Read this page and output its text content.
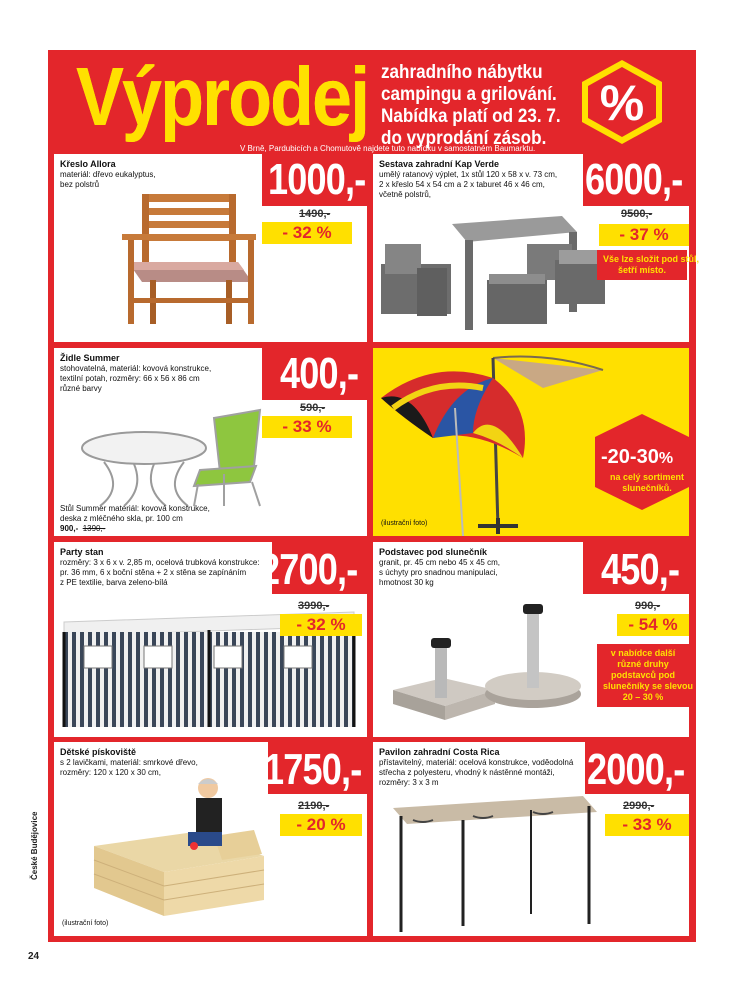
Výprodej zahradního nábytku
campingu a grilování.
Nabídka platí od 23. 7.
do vyprodání zásob.
%
V Brně, Pardubicích a Chomutově najdete tuto nabídku v samostatném Baumarktu.
Křeslo Allora
materiál: dřevo eukalyptus,
bez polstrů	1000,-
1490,-
- 32 %
Sestava zahradní Kap Verde
umělý ratanový výplet, 1x stůl 120 x 58 x v. 73 cm,
2 x křeslo 54 x 54 cm a 2 x taburet 46 x 46 cm,
včetně polstrů,	6000,-
9500,-
- 37 %
Vše lze složit pod stůl,
šetří místo.
Židle Summer
stohovatelná, materiál: kovová konstrukce,
textilní potah, rozměry: 66 x 56 x 86 cm
různé barvy
Stůl Summer materiál: kovová konstrukce,
deska z mléčného skla, pr. 100 cm
900,- 1390,-
400,-
590,-
- 33 %
(ilustrační foto)
-20-30%
na celý sortiment
slunečníků.
Party stan
rozměry: 3 x 6 x v. 2,85 m, ocelová trubková konstrukce:
pr. 36 mm, 6 x boční stěna + 2 x stěna se zapínáním
z PE textilie, barva zeleno-bílá	2700,-
3990,-
- 32 %
Podstavec pod slunečník
granit, pr. 45 cm nebo 45 x 45 cm,
s úchyty pro snadnou manipulaci,
hmotnost 30 kg	450,-
990,-
- 54 %
v nabídce další
různé druhy
podstavců pod
slunečníky se slevou
20 – 30 %
Dětské pískoviště
s 2 lavičkami, materiál: smrkové dřevo,
rozměry: 120 x 120 x 30 cm,
(ilustrační foto)
1750,-
2190,-
- 20 %
Pavilon zahradní Costa Rica
přístavitelný, materiál: ocelová konstrukce, voděodolná
střecha z polyesteru, vhodný k nástěnné montáži,
rozměry: 3 x 3 m	2000,-
2990,-
- 33 %
České Budějovice
24
